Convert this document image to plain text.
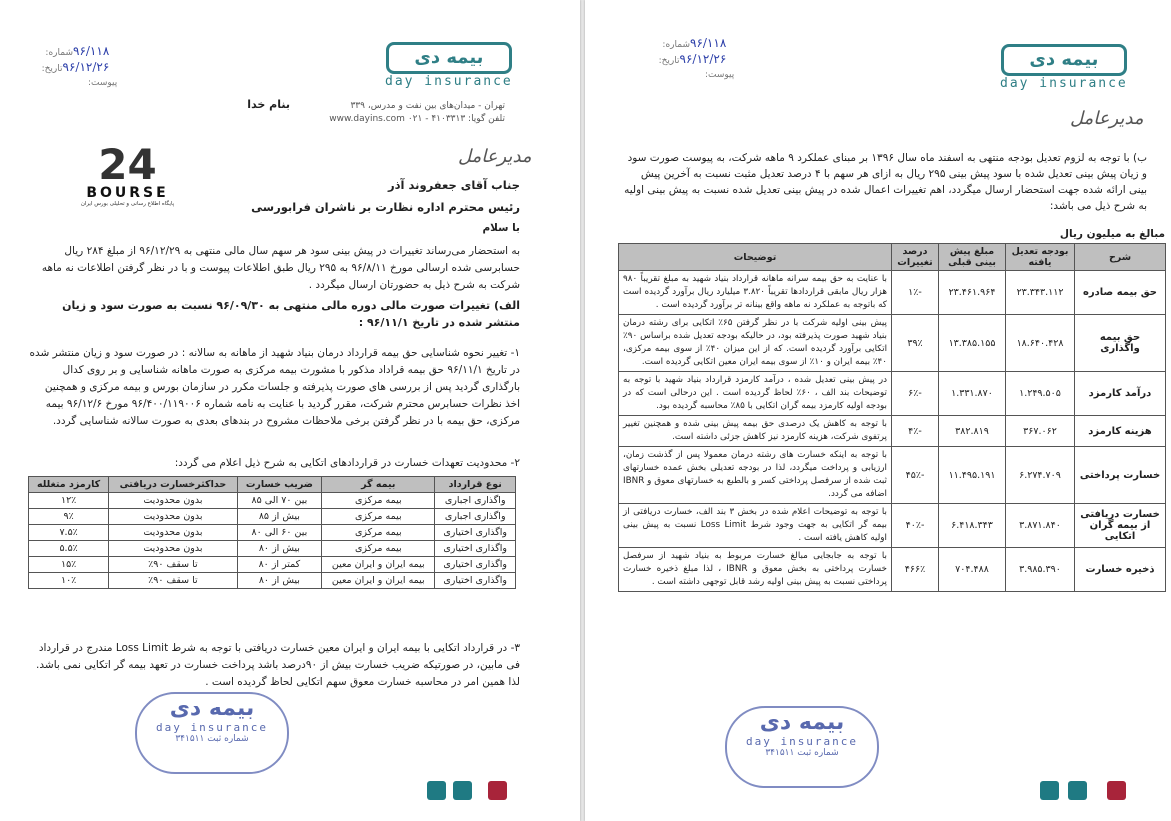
۹۶/۱۱۸شماره:
۹۶/۱۲/۲۶تاریخ:
پیوست:
بیمه دی
day insurance
بنام خدا	تهران - میدان‌های بین نفت و مدرس، ۳۳۹
تلفن گویا: ۴۱۰۳۳۱۳ - ۰۲۱ www.dayins.com
مدیرعامل
24
BOURSE
پایگاه اطلاع رسانی و تحلیلی بورس ایران
جناب آقای جعفروند آذر
رئیس محترم اداره نظارت بر ناشران فرابورسی
با سلام
به استحضار می‌رساند تغییرات در پیش بینی سود هر سهم سال مالی منتهی به ۹۶/۱۲/۲۹ از مبلغ ۲۸۴ ریال حسابرسی شده ارسالی مورخ ۹۶/۸/۱۱ به ۲۹۵ ریال طبق اطلاعات پیوست و با در نظر گرفتن اطلاعات نه ماهه شرکت به شرح ذیل به حضورتان ارسال میگردد .
الف) تغییرات صورت مالی دوره مالی منتهی به ۹۶/۰۹/۳۰ نسبت به صورت سود و زیان منتشر شده در تاریخ ۹۶/۱۱/۱ :
۱- تغییر نحوه شناسایی حق بیمه قرارداد درمان بنیاد شهید از ماهانه به سالانه : در صورت سود و زیان منتشر شده در تاریخ ۹۶/۱۱/۱ حق بیمه قراداد مذکور با مشورت بیمه مرکزی به صورت ماهانه شناسایی و بر روی کدال بارگذاری گردید پس از بررسی های صورت پذیرفته و جلسات مکرر در سازمان بورس و بیمه مرکزی و همچنین اخذ نظرات حسابرس محترم شرکت، مقرر گردید با عنایت به نامه شماره ۹۶/۴۰۰/۱۱۹۰۰۶ مورخ ۹۶/۱۲/۶ بیمه مرکزی، حق بیمه با در نظر گرفتن برخی ملاحظات مشروح در بندهای بعدی به صورت سالانه شناسایی گردد.
۲- محدودیت تعهدات خسارت در قراردادهای اتکایی به شرح ذیل اعلام می گردد:
نوع قرارداد	بیمه گر	ضریب خسارت	حداکثرخسارت دریافتی	کارمزد متغلله
واگذاری اجباری	بیمه مرکزی	بین ۷۰ الی ۸۵	بدون محدودیت	۱۲٪
واگذاری اجباری	بیمه مرکزی	بیش از ۸۵	بدون محدودیت	۹٪
واگذاری اختیاری	بیمه مرکزی	بین ۶۰ الی ۸۰	بدون محدودیت	۷.۵٪
واگذاری اختیاری	بیمه مرکزی	بیش از ۸۰	بدون محدودیت	۵.۵٪
واگذاری اختیاری	بیمه ایران و ایران معین	کمتر از ۸۰	تا سقف ۹۰٪	۱۵٪
واگذاری اختیاری	بیمه ایران و ایران معین	بیش از ۸۰	تا سقف ۹۰٪	۱۰٪
۳- در قرارداد اتکایی با بیمه ایران و ایران معین خسارت دریافتی با توجه به شرط Loss Limit مندرج در قرارداد فی مابین، در صورتیکه ضریب خسارت بیش از ۹۰درصد باشد پرداخت خسارت در تعهد بیمه گر اتکایی نمی باشد. لذا همین امر در محاسبه خسارت معوق سهم اتکایی لحاظ گردیده است .
بیمه دی
day insurance
شماره ثبت ۳۴۱۵۱۱
۹۶/۱۱۸شماره:
۹۶/۱۲/۲۶تاریخ:
پیوست:
بیمه دی
day insurance
مدیرعامل
ب) با توجه به لزوم تعدیل بودجه منتهی به اسفند ماه سال ۱۳۹۶ بر مبنای عملکرد ۹ ماهه شرکت، به پیوست صورت سود و زیان پیش بینی تعدیل شده با سود پیش بینی ۲۹۵ ریال به ازای هر سهم با ۴ درصد تعدیل مثبت نسبت به آخرین پیش بینی ارائه شده جهت استحضار ارسال میگردد، اهم تغییرات اعمال شده در پیش بینی تعدیل شده نسبت به پیش بینی اولیه به شرح ذیل می باشد:
مبالغ به میلیون ریال
شرح	بودجه تعدیل یافته	مبلغ پیش بینی قبلی	درصد تغییرات	توضیحات
حق بیمه صادره	۲۳.۳۴۳.۱۱۲	۲۳.۴۶۱.۹۶۴	-۱٪	با عنایت به حق بیمه سرانه ماهانه قرارداد بنیاد شهید به مبلغ تقریباً ۹۸۰ هزار ریال مابقی قراردادها تقریباً ۳.۸۲۰ میلیارد ریال برآورد گردیده است که باتوجه به عملکرد نه ماهه واقع بینانه تر برآورد گردیده است .
حق بیمه واگذاری	۱۸.۶۴۰.۴۲۸	۱۳.۳۸۵.۱۵۵	۳۹٪	پیش بینی اولیه شرکت با در نظر گرفتن ۶۵٪ اتکایی برای رشته درمان بنیاد شهید صورت پذیرفته بود، در حالیکه بودجه تعدیل شده براساس ۹۰٪ اتکایی برآورد گردیده است. که از این میزان ۴۰٪ از سوی بیمه مرکزی، ۴۰٪ بیمه ایران و ۱۰٪ از سوی بیمه ایران معین اتکایی گردیده است.
درآمد کارمزد	۱.۲۴۹.۵۰۵	۱.۳۳۱.۸۷۰	-۶٪	در پیش بینی تعدیل شده ، درآمد کارمزد قرارداد بنیاد شهید با توجه به توضیحات بند الف ، ۶۰٪ لحاظ گردیده است . این درحالی است که در بودجه اولیه کارمزد بیمه گران اتکایی با ۸۵٪ محاسبه گردیده بود.
هزینه کارمزد	۳۶۷.۰۶۲	۳۸۲.۸۱۹	-۴٪	با توجه به کاهش یک درصدی حق بیمه پیش بینی شده و همچنین تغییر پرتفوی شرکت، هزینه کارمزد نیز کاهش جزئی داشته است.
خسارت پرداختی	۶.۲۷۴.۷۰۹	۱۱.۴۹۵.۱۹۱	-۴۵٪	با توجه به اینکه خسارت های رشته درمان معمولا پس از گذشت زمان، ارزیابی و پرداخت میگردد، لذا در بودجه تعدیلی بخش عمده خسارتهای ثبت شده از سرفصل پرداختی کسر و بالطبع به خسارتهای معوق و IBNR اضافه می گردد.
خسارت دریافتی از بیمه گران اتکایی	۳.۸۷۱.۸۴۰	۶.۴۱۸.۳۴۳	-۴۰٪	با توجه به توضیحات اعلام شده در بخش ۳ بند الف، خسارت دریافتی از بیمه گر اتکایی به جهت وجود شرط Loss Limit نسبت به پیش بینی اولیه کاهش یافته است .
ذخیره خسارت	۳.۹۸۵.۳۹۰	۷۰۴.۴۸۸	۴۶۶٪	با توجه به جابجایی مبالغ خسارت مربوط به بنیاد شهید از سرفصل خسارت پرداختی به بخش معوق و IBNR ، لذا مبلغ ذخیره خسارت پرداختی نسبت به پیش بینی اولیه رشد قابل توجهی داشته است .
بیمه دی
day insurance
شماره ثبت ۳۴۱۵۱۱
